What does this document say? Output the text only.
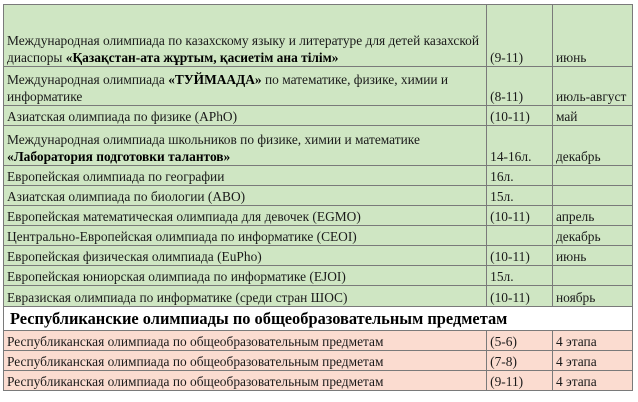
Международная олимпиада по казахскому языку и литературе для детей казахской диаспоры «Қазақстан-ата жұртым, қасиетім ана тілім»	(9-11)	июнь
Международная олимпиада «ТУЙМААДА» по математике, физике, химии и информатике	(8-11)	июль-август
Азиатская олимпиада по физике (APhO)	(10-11)	май
Международная олимпиада школьников по физике, химии и математике «Лаборатория подготовки талантов»	14-16л.	декабрь
Европейская олимпиада по географии	16л.	
Азиатская олимпиада по биологии (ABO)	15л.	
Европейская математическая олимпиада для девочек (EGMO)	(10-11)	апрель
Центрально-Европейская олимпиада по информатике (CEOI)		декабрь
Европейская физическая олимпиада (EuPho)	(10-11)	июнь
Европейская юниорская олимпиада по информатике (EJOI)	15л.	
Евразиская олимпиада по информатике (среди стран ШОС)	(10-11)	ноябрь
Республиканские олимпиады по общеобразовательным предметам		
Республиканская олимпиада по общеобразовательным предметам	(5-6)	4 этапа
Республиканская олимпиада по общеобразовательным предметам	(7-8)	4 этапа
Республиканская олимпиада по общеобразовательным предметам	(9-11)	4 этапа
